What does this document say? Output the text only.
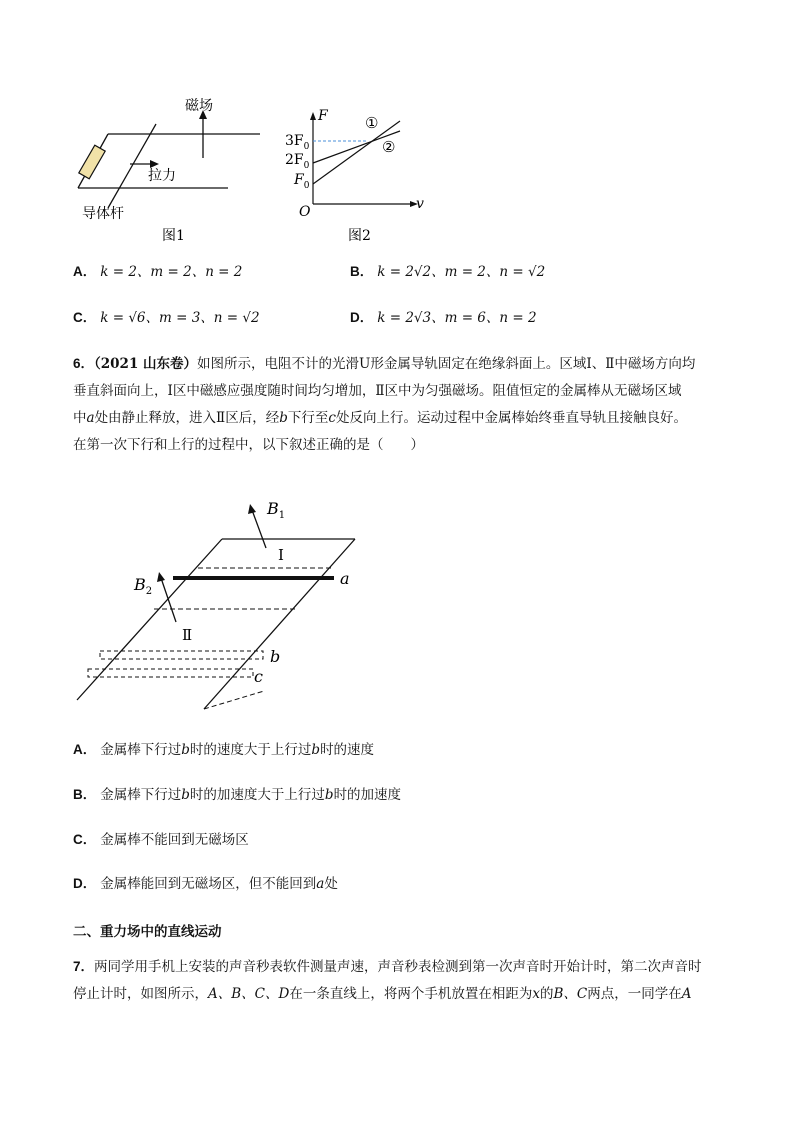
磁场
拉力
导体杆
图1
F
v
O
$3F_0$
$2F_0$
$F_0$
①
②
图2
A． k = 2、m = 2、n = 2	B． k = 2√2、m = 2、n = √2
C． k = √6、m = 3、n = √2	D． k = 2√3、m = 6、n = 2
6．（2021 山东卷）如图所示，电阻不计的光滑U形金属导轨固定在绝缘斜面上。区域Ⅰ、Ⅱ中磁场方向均
垂直斜面向上，Ⅰ区中磁感应强度随时间均匀增加，Ⅱ区中为匀强磁场。阻值恒定的金属棒从无磁场区域
中a处由静止释放，进入Ⅱ区后，经b下行至c处反向上行。运动过程中金属棒始终垂直导轨且接触良好。
在第一次下行和上行的过程中，以下叙述正确的是（　　）
$B_1$
Ⅰ
a
$B_2$
Ⅱ
b
c
A． 金属棒下行过b时的速度大于上行过b时的速度
B． 金属棒下行过b时的加速度大于上行过b时的加速度
C． 金属棒不能回到无磁场区
D． 金属棒能回到无磁场区，但不能回到a处
二、重力场中的直线运动
7．两同学用手机上安装的声音秒表软件测量声速，声音秒表检测到第一次声音时开始计时，第二次声音时
停止计时，如图所示，A、B、C、D在一条直线上，将两个手机放置在相距为x的B、C两点，一同学在A
